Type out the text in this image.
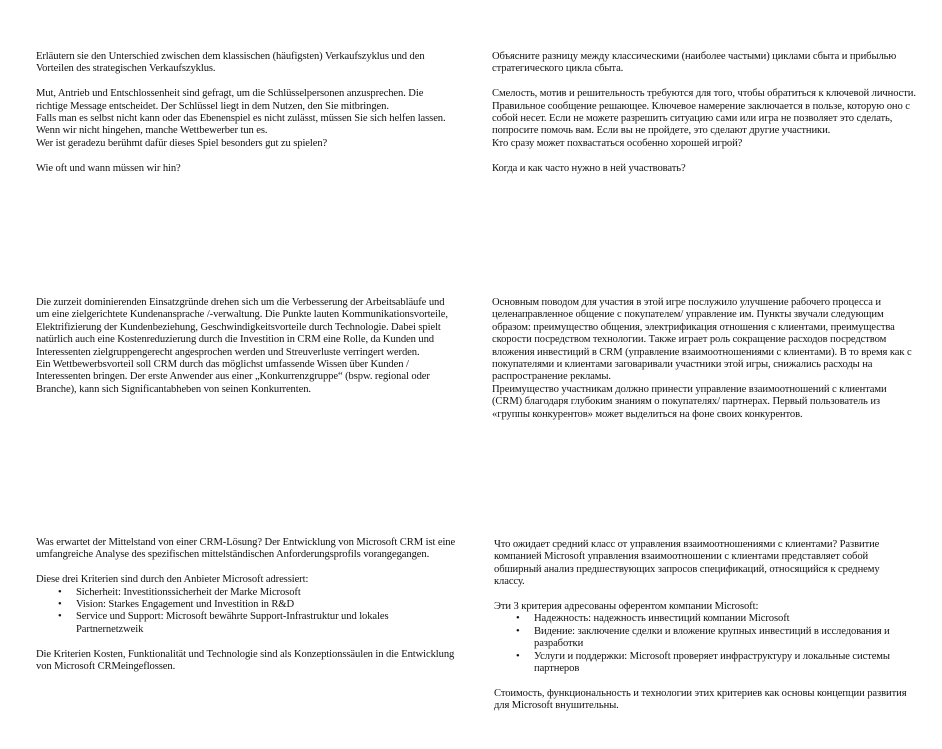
Erläutern sie den Unterschied zwischen dem klassischen (häufigsten) Verkaufszyklus und den Vorteilen des strategischen Verkaufszyklus.

Mut, Antrieb und Entschlossenheit sind gefragt, um die Schlüsselpersonen anzusprechen. Die richtige Message entscheidet. Der Schlüssel liegt in dem Nutzen, den Sie mitbringen.

Falls man es selbst nicht kann oder das Ebenenspiel es nicht zulässt, müssen Sie sich helfen lassen. Wenn wir nicht hingehen, manche Wettbewerber tun es.

Wer ist geradezu berühmt dafür dieses Spiel besonders gut zu spielen?

Wie oft und wann müssen wir hin?

Die zurzeit dominierenden Einsatzgründe drehen sich um die Verbesserung der Arbeitsabläufe und um eine zielgerichtete Kundenansprache /-verwaltung. Die Punkte lauten Kommunikationsvorteile, Elektrifizierung der Kundenbeziehung, Geschwindigkeitsvorteile durch Technologie. Dabei spielt natürlich auch eine Kostenreduzierung durch die Investition in CRM eine Rolle, da Kunden und Interessenten zielgruppengerecht angesprochen werden und Streuverluste verringert werden.

Ein Wettbewerbsvorteil soll CRM durch das möglichst umfassende Wissen über Kunden / Interessenten bringen. Der erste Anwender aus einer „Konkurrenzgruppe“ (bspw. regional oder Branche), kann sich Significantabheben von seinen Konkurrenten.

Was erwartet der Mittelstand von einer CRM-Lösung? Der Entwicklung von Microsoft CRM ist eine umfangreiche Analyse des spezifischen mittelständischen Anforderungsprofils vorangegangen.

Diese drei Kriterien sind durch den Anbieter Microsoft adressiert:

• Sicherheit: Investitionssicherheit der Marke Microsoft
• Vision: Starkes Engagement und Investition in R&D
• Service und Support: Microsoft bewährte Support-Infrastruktur und lokales Partnernetzweik

Die Kriterien Kosten, Funktionalität und Technologie sind als Konzeptionssäulen in die Entwicklung von Microsoft CRMeingeflossen.

Объясните разницу между классическими (наиболее частыми) циклами сбыта и прибылью стратегического цикла сбыта.

Смелость, мотив и решительность требуются для того, чтобы обратиться к ключевой личности. Правильное сообщение решающее. Ключевое намерение заключается в пользе, которую оно с собой несет. Если не можете разрешить ситуацию сами или игра не позволяет это сделать, попросите помочь вам. Если вы не пройдете, это сделают другие участники.

Кто сразу может похвастаться особенно хорошей игрой?

Когда и как часто нужно в ней участвовать?

Основным поводом для участия в этой игре послужило улучшение рабочего процесса и целенаправленное общение с покупателем/ управление им. Пункты звучали следующим образом: преимущество общения, электрификация отношения с клиентами, преимущества скорости посредством технологии. Также играет роль сокращение расходов посредством вложения инвестиций в CRM (управление взаимоотношениями с клиентами). В то время как с покупателями и клиентами заговаривали участники этой игры, снижались расходы на распространение рекламы.

Преимущество участникам должно принести управление взаимоотношений с клиентами (CRM) благодаря глубоким знаниям о покупателях/ партнерах. Первый пользователь из «группы конкурентов» может выделиться на фоне своих конкурентов.

Что ожидает средний класс от управления взаимоотношениями с клиентами? Развитие компанией Microsoft управления взаимоотношении с клиентами представляет собой обширный анализ предшествующих запросов спецификаций, относящийся к среднему классу.

Эти 3 критерия адресованы оферентом компании Microsoft:

• Надежность: надежность инвестиций компании Microsoft
• Видение: заключение сделки и вложение крупных инвестиций в исследования и разработки
• Услуги и поддержки: Microsoft проверяет инфраструктуру и локальные системы партнеров

Стоимость, функциональность и технологии этих критериев как основы концепции развития для Microsoft внушительны.
